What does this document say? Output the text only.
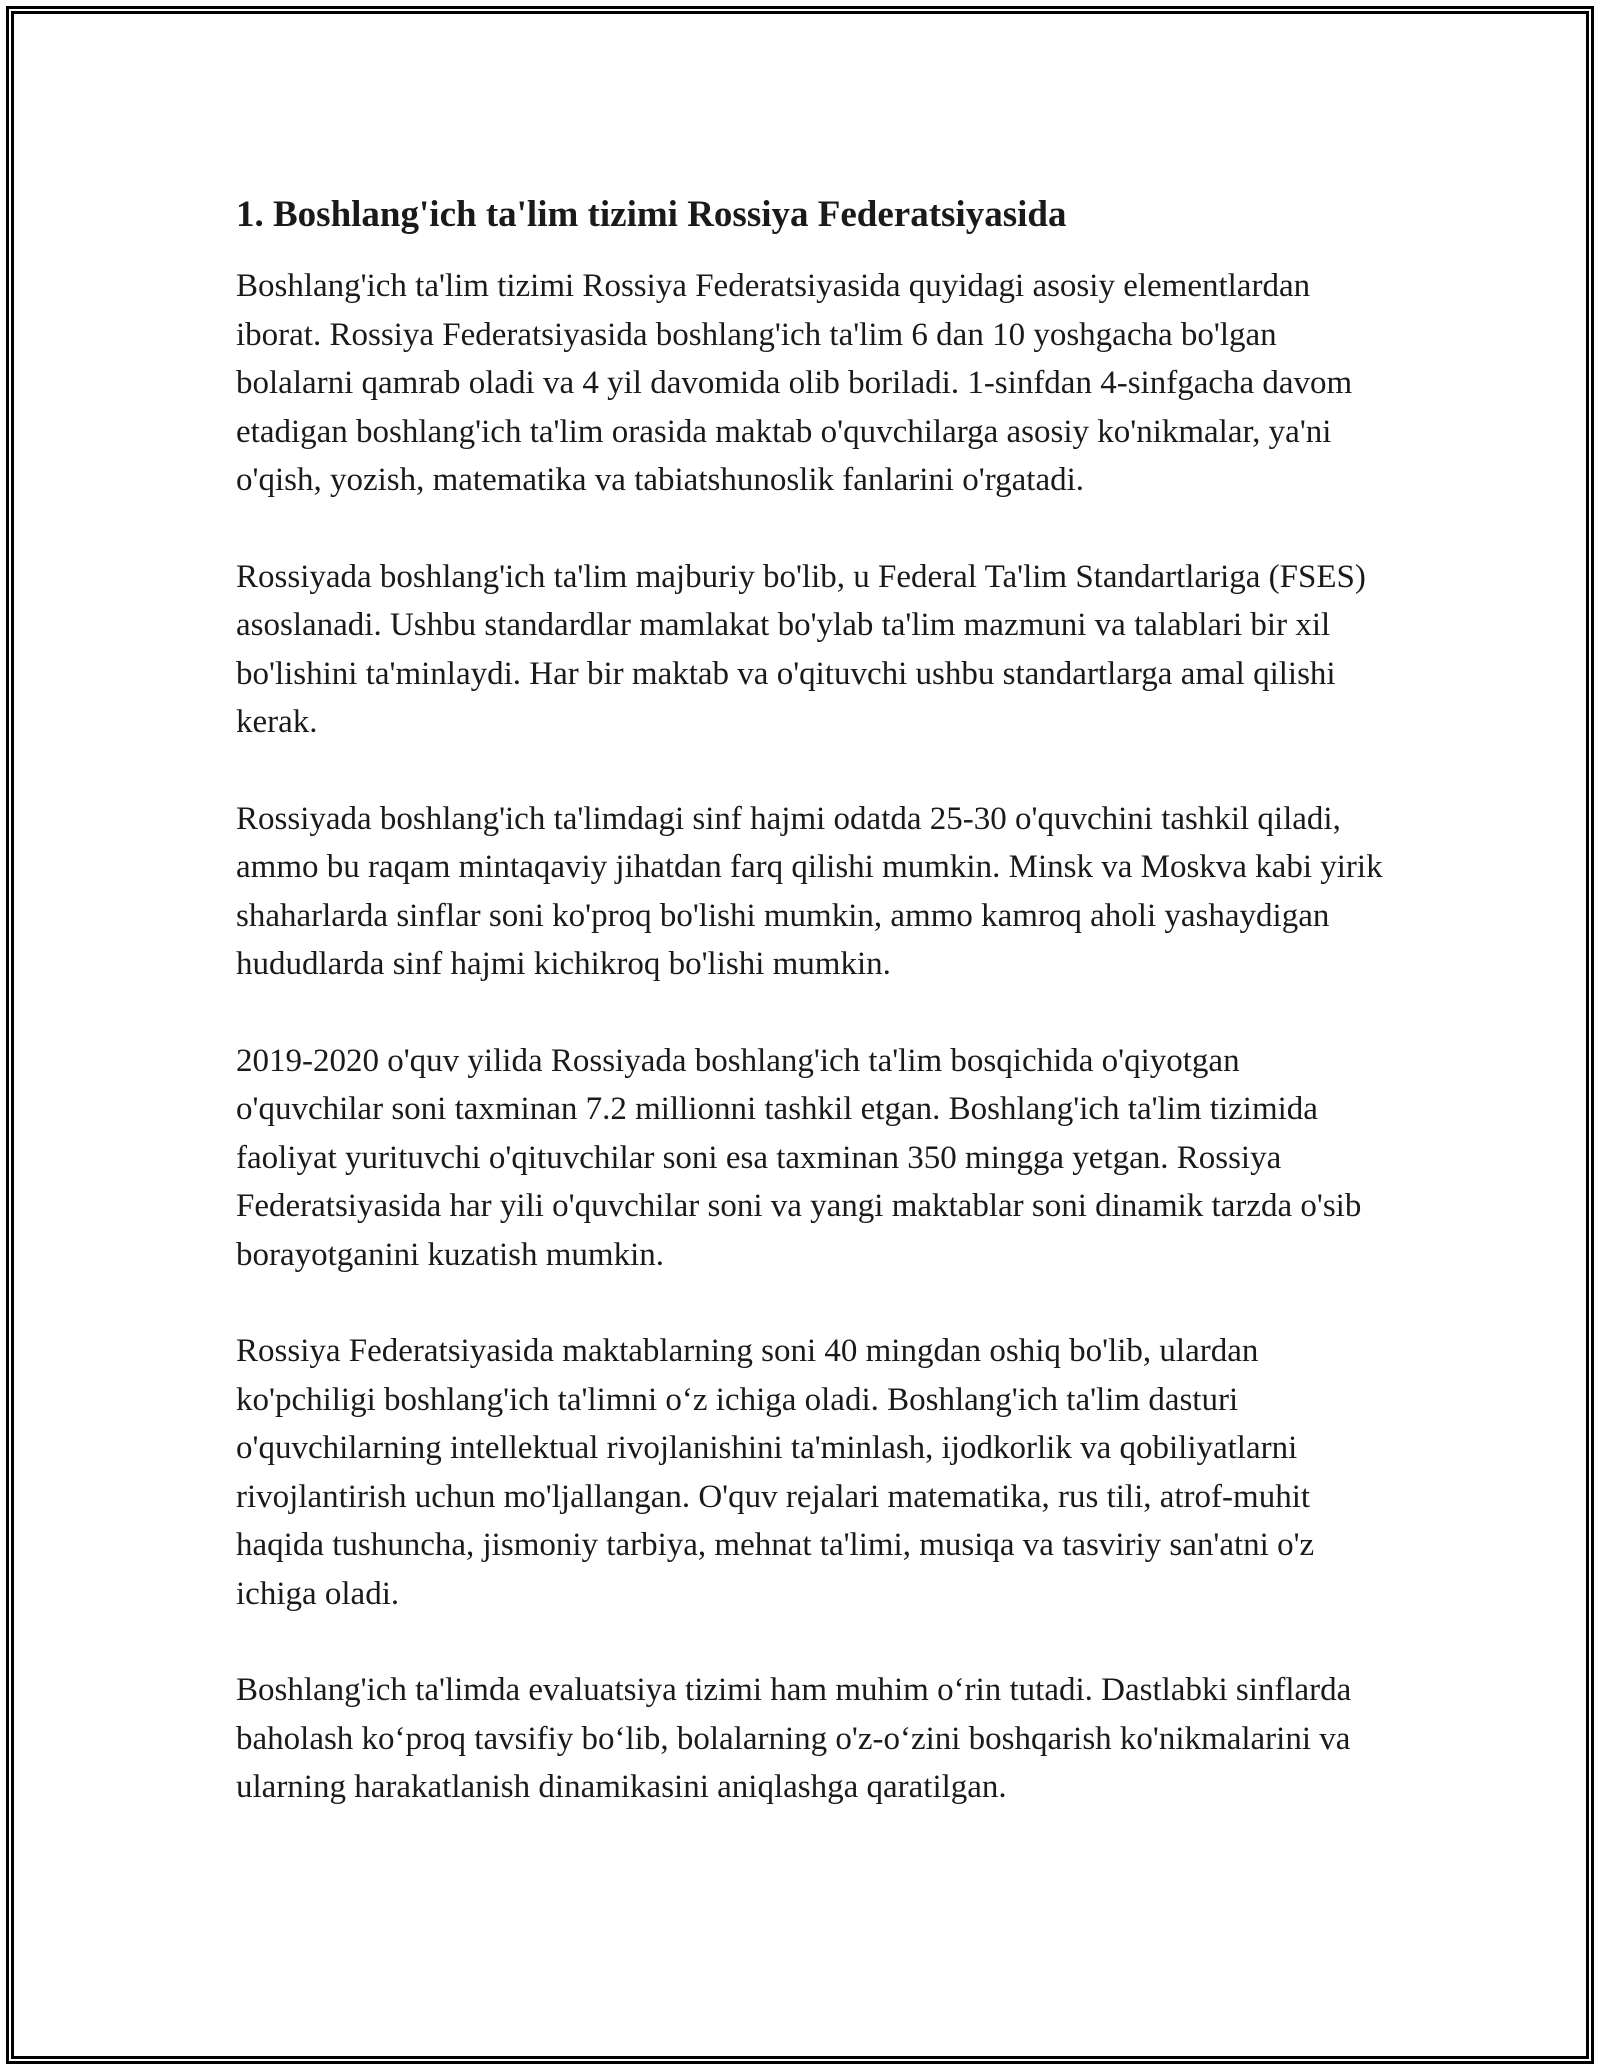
1. Boshlang'ich ta'lim tizimi Rossiya Federatsiyasida

Boshlang'ich ta'lim tizimi Rossiya Federatsiyasida quyidagi asosiy elementlardan iborat. Rossiya Federatsiyasida boshlang'ich ta'lim 6 dan 10 yoshgacha bo'lgan bolalarni qamrab oladi va 4 yil davomida olib boriladi. 1-sinfdan 4-sinfgacha davom etadigan boshlang'ich ta'lim orasida maktab o'quvchilarga asosiy ko'nikmalar, ya'ni o'qish, yozish, matematika va tabiatshunoslik fanlarini o'rgatadi.

Rossiyada boshlang'ich ta'lim majburiy bo'lib, u Federal Ta'lim Standartlariga (FSES) asoslanadi. Ushbu standardlar mamlakat bo'ylab ta'lim mazmuni va talablari bir xil bo'lishini ta'minlaydi. Har bir maktab va o'qituvchi ushbu standartlarga amal qilishi kerak.

Rossiyada boshlang'ich ta'limdagi sinf hajmi odatda 25-30 o'quvchini tashkil qiladi, ammo bu raqam mintaqaviy jihatdan farq qilishi mumkin. Minsk va Moskva kabi yirik shaharlarda sinflar soni ko'proq bo'lishi mumkin, ammo kamroq aholi yashaydigan hududlarda sinf hajmi kichikroq bo'lishi mumkin.

2019-2020 o'quv yilida Rossiyada boshlang'ich ta'lim bosqichida o'qiyotgan o'quvchilar soni taxminan 7.2 millionni tashkil etgan. Boshlang'ich ta'lim tizimida faoliyat yurituvchi o'qituvchilar soni esa taxminan 350 mingga yetgan. Rossiya Federatsiyasida har yili o'quvchilar soni va yangi maktablar soni dinamik tarzda o'sib borayotganini kuzatish mumkin.

Rossiya Federatsiyasida maktablarning soni 40 mingdan oshiq bo'lib, ulardan ko'pchiligi boshlang'ich ta'limni o‘z ichiga oladi. Boshlang'ich ta'lim dasturi o'quvchilarning intellektual rivojlanishini ta'minlash, ijodkorlik va qobiliyatlarni rivojlantirish uchun mo'ljallangan. O'quv rejalari matematika, rus tili, atrof-muhit haqida tushuncha, jismoniy tarbiya, mehnat ta'limi, musiqa va tasviriy san'atni o'z ichiga oladi.

Boshlang'ich ta'limda evaluatsiya tizimi ham muhim o‘rin tutadi. Dastlabki sinflarda baholash ko‘proq tavsifiy bo‘lib, bolalarning o'z-o‘zini boshqarish ko'nikmalarini va ularning harakatlanish dinamikasini aniqlashga qaratilgan.
